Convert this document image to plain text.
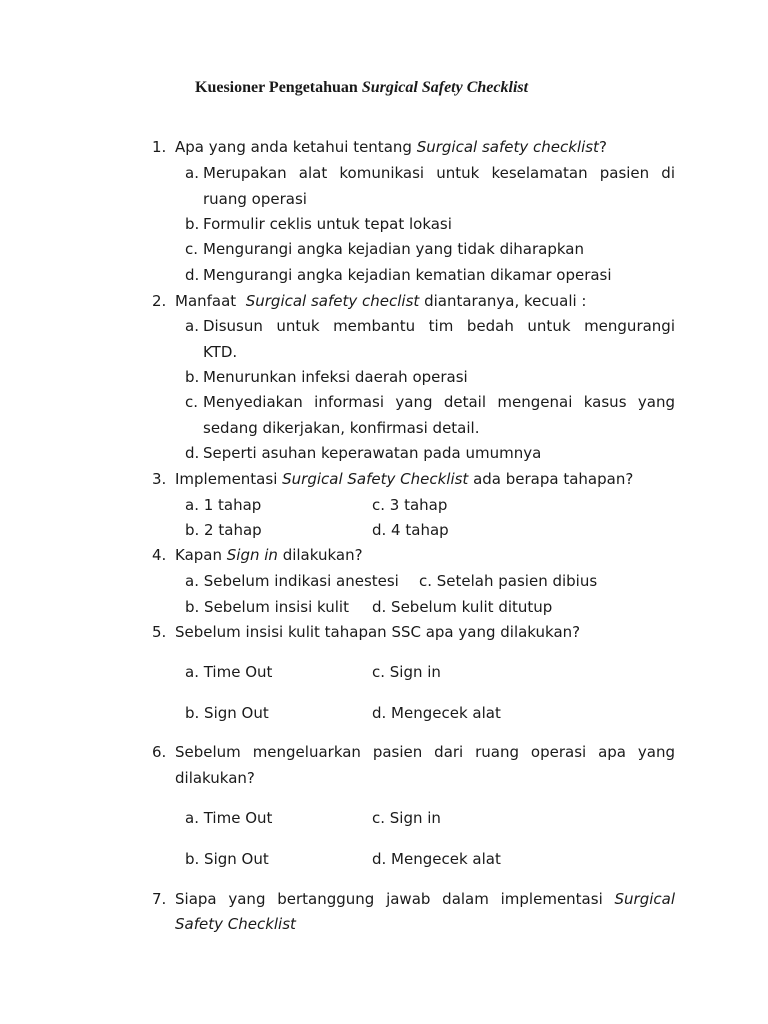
Kuesioner Pengetahuan Surgical Safety Checklist
1. Apa yang anda ketahui tentang Surgical safety checklist?
a. Merupakan alat komunikasi untuk keselamatan pasien di
ruang operasi
b. Formulir ceklis untuk tepat lokasi
c. Mengurangi angka kejadian yang tidak diharapkan
d. Mengurangi angka kejadian kematian dikamar operasi
2. Manfaat  Surgical safety checlist diantaranya, kecuali :
a. Disusun untuk membantu tim bedah untuk mengurangi
KTD.
b. Menurunkan infeksi daerah operasi
c. Menyediakan informasi yang detail mengenai kasus yang
sedang dikerjakan, konfirmasi detail.
d. Seperti asuhan keperawatan pada umumnya
3. Implementasi Surgical Safety Checklist ada berapa tahapan?
a. 1 tahap	c. 3 tahap
b. 2 tahap	d. 4 tahap
4. Kapan Sign in dilakukan?
a. Sebelum indikasi anestesi c. Setelah pasien dibius
b. Sebelum insisi kulit d. Sebelum kulit ditutup
5. Sebelum insisi kulit tahapan SSC apa yang dilakukan?
a. Time Out	c. Sign in
b. Sign Out	d. Mengecek alat
6. Sebelum mengeluarkan pasien dari ruang operasi apa yang
dilakukan?
a. Time Out	c. Sign in
b. Sign Out	d. Mengecek alat
7. Siapa yang bertanggung jawab dalam implementasi Surgical
Safety Checklist
